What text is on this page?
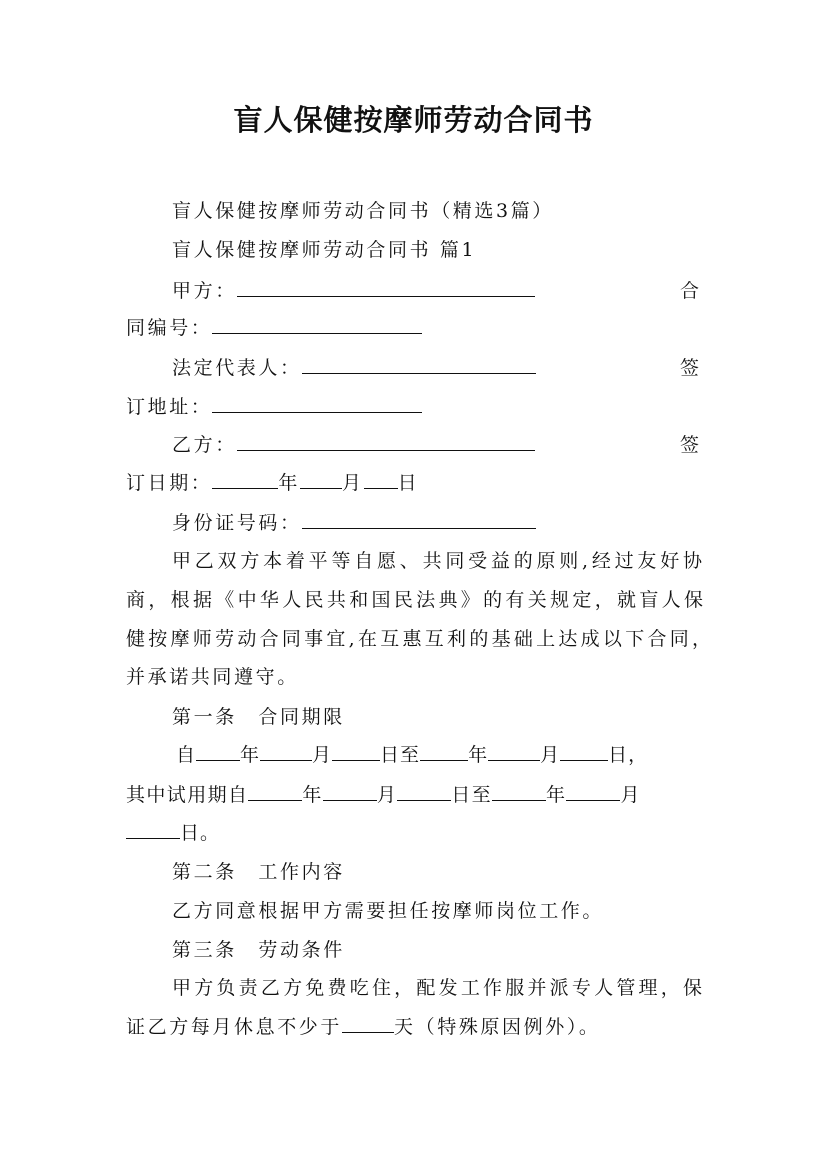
盲人保健按摩师劳动合同书
盲人保健按摩师劳动合同书（精选3篇）
盲人保健按摩师劳动合同书 篇1
甲方：	合
同编号：
法定代表人：	签
订地址：
乙方：	签
订日期：	年 月 日
身份证号码：
甲乙双方本着平等自愿、共同受益的原则,经过友好协
商，根据《中华人民共和国民法典》的有关规定，就盲人保
健按摩师劳动合同事宜,在互惠互利的基础上达成以下合同，
并承诺共同遵守。
第一条　合同期限
自 年	月	日至	年	月	日，
其中试用期自	年	月	日至	年	月
日。
第二条　工作内容
乙方同意根据甲方需要担任按摩师岗位工作。
第三条　劳动条件
甲方负责乙方免费吃住，配发工作服并派专人管理，保
证乙方每月休息不少于	天（特殊原因例外）。
